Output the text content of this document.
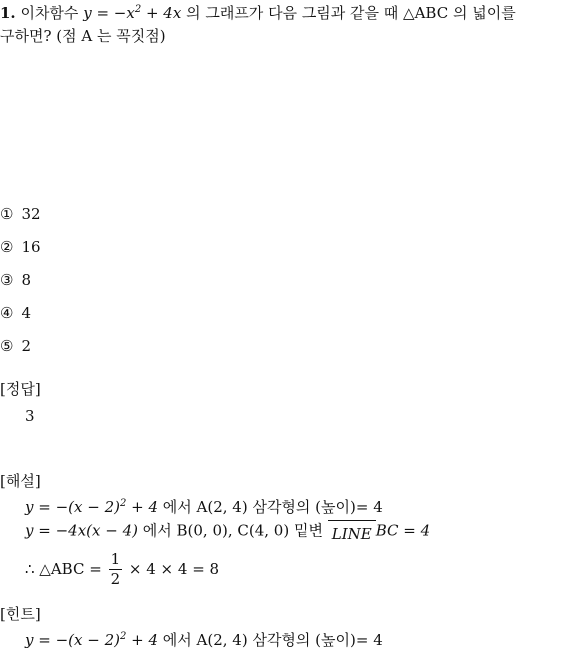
1. 이차함수 $y = -x^2 + 4x$ 의 그래프가 다음 그림과 같을 때 △ABC 의 넓이를
구하면? (점 A 는 꼭짓점)
① 32
② 16
③ 8
④ 4
⑤ 2
[정답]
3
[해설]
$y = -(x - 2)^2 + 4$ 에서 A(2, 4) 삼각형의 (높이)= 4
y = −4x(x − 4) 에서 B(0, 0), C(4, 0) 밑변 LINE BC = 4
∴ △ABC = $\frac{1}{2} \times 4 \times 4 = 8$
[힌트]
$y = -(x - 2)^2 + 4$ 에서 A(2, 4) 삼각형의 (높이)= 4
